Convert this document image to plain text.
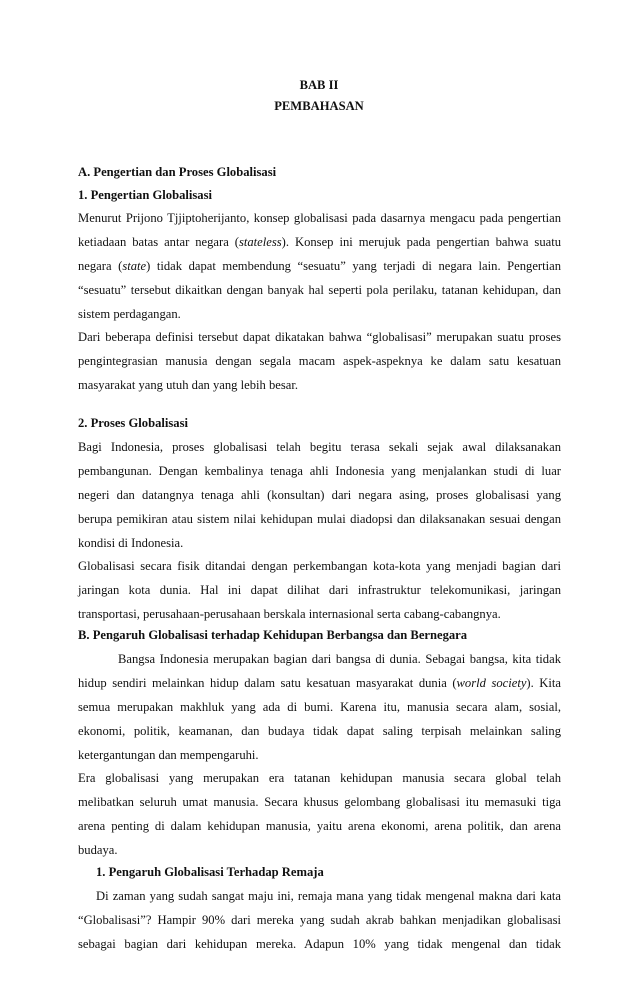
BAB II
PEMBAHASAN
A. Pengertian dan Proses Globalisasi
1. Pengertian Globalisasi
Menurut Prijono Tjjiptoherijanto, konsep globalisasi pada dasarnya mengacu pada pengertian
ketiadaan batas antar negara (stateless). Konsep ini merujuk pada pengertian bahwa suatu
negara (state) tidak dapat membendung “sesuatu” yang terjadi di negara lain. Pengertian
“sesuatu” tersebut dikaitkan dengan banyak hal seperti pola perilaku, tatanan kehidupan, dan
sistem perdagangan.
Dari beberapa definisi tersebut dapat dikatakan bahwa “globalisasi” merupakan suatu proses
pengintegrasian manusia dengan segala macam aspek-aspeknya ke dalam satu kesatuan
masyarakat yang utuh dan yang lebih besar.
2. Proses Globalisasi
Bagi Indonesia, proses globalisasi telah begitu terasa sekali sejak awal dilaksanakan
pembangunan. Dengan kembalinya tenaga ahli Indonesia yang menjalankan studi di luar
negeri dan datangnya tenaga ahli (konsultan) dari negara asing, proses globalisasi yang
berupa pemikiran atau sistem nilai kehidupan mulai diadopsi dan dilaksanakan sesuai dengan
kondisi di Indonesia.
Globalisasi secara fisik ditandai dengan perkembangan kota-kota yang menjadi bagian dari
jaringan kota dunia. Hal ini dapat dilihat dari infrastruktur telekomunikasi, jaringan
transportasi, perusahaan-perusahaan berskala internasional serta cabang-cabangnya.
B. Pengaruh Globalisasi terhadap Kehidupan Berbangsa dan Bernegara
Bangsa Indonesia merupakan bagian dari bangsa di dunia. Sebagai bangsa, kita tidak
hidup sendiri melainkan hidup dalam satu kesatuan masyarakat dunia (world society). Kita
semua merupakan makhluk yang ada di bumi. Karena itu, manusia secara alam, sosial,
ekonomi, politik, keamanan, dan budaya tidak dapat saling terpisah melainkan saling
ketergantungan dan mempengaruhi.
Era globalisasi yang merupakan era tatanan kehidupan manusia secara global telah
melibatkan seluruh umat manusia. Secara khusus gelombang globalisasi itu memasuki tiga
arena penting di dalam kehidupan manusia, yaitu arena ekonomi, arena politik, dan arena
budaya.
1. Pengaruh Globalisasi Terhadap Remaja
Di zaman yang sudah sangat maju ini, remaja mana yang tidak mengenal makna dari kata
“Globalisasi”? Hampir 90% dari mereka yang sudah akrab bahkan menjadikan globalisasi
sebagai bagian dari kehidupan mereka. Adapun 10% yang tidak mengenal dan tidak
